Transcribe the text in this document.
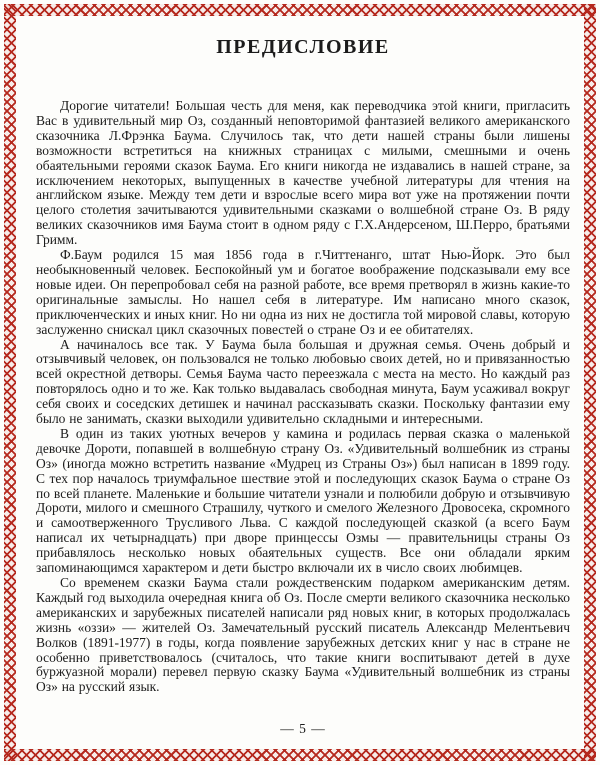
ПРЕДИСЛОВИЕ

Дорогие читатели! Большая честь для меня, как переводчика этой книги, пригласить Вас в удивительный мир Оз, созданный неповторимой фантазией великого американского сказочника Л.Фрэнка Баума. Случилось так, что дети нашей страны были лишены возможности встретиться на книжных страницах с милыми, смешными и очень обаятельными героями сказок Баума. Его книги никогда не издавались в нашей стране, за исключением некоторых, выпущенных в качестве учебной литературы для чтения на английском языке. Между тем дети и взрослые всего мира вот уже на протяжении почти целого столетия зачитываются удивительными сказками о волшебной стране Оз. В ряду великих сказочников имя Баума стоит в одном ряду с Г.Х.Андерсеном, Ш.Перро, братьями Гримм.

Ф.Баум родился 15 мая 1856 года в г.Читтенанго, штат Нью-Йорк. Это был необыкновенный человек. Беспокойный ум и богатое воображение подсказывали ему все новые идеи. Он перепробовал себя на разной работе, все время претворял в жизнь какие-то оригинальные замыслы. Но нашел себя в литературе. Им написано много сказок, приключенческих и иных книг. Но ни одна из них не достигла той мировой славы, которую заслуженно снискал цикл сказочных повестей о стране Оз и ее обитателях.

А начиналось все так. У Баума была большая и дружная семья. Очень добрый и отзывчивый человек, он пользовался не только любовью своих детей, но и привязанностью всей окрестной детворы. Семья Баума часто переезжала с места на место. Но каждый раз повторялось одно и то же. Как только выдавалась свободная минута, Баум усаживал вокруг себя своих и соседских детишек и начинал рассказывать сказки. Поскольку фантазии ему было не занимать, сказки выходили удивительно складными и интересными.

В один из таких уютных вечеров у камина и родилась первая сказка о маленькой девочке Дороти, попавшей в волшебную страну Оз. «Удивительный волшебник из страны Оз» (иногда можно встретить название «Мудрец из Страны Оз») был написан в 1899 году. С тех пор началось триумфальное шествие этой и последующих сказок Баума о стране Оз по всей планете. Маленькие и большие читатели узнали и полюбили добрую и отзывчивую Дороти, милого и смешного Страшилу, чуткого и смелого Железного Дровосека, скромного и самоотверженного Трусливого Льва. С каждой последующей сказкой (а всего Баум написал их четырнадцать) при дворе принцессы Озмы — правительницы страны Оз прибавлялось несколько новых обаятельных существ. Все они обладали ярким запоминающимся характером и дети быстро включали их в число своих любимцев.

Со временем сказки Баума стали рождественским подарком американским детям. Каждый год выходила очередная книга об Оз. После смерти великого сказочника несколько американских и зарубежных писателей написали ряд новых книг, в которых продолжалась жизнь «оззи» — жителей Оз. Замечательный русский писатель Александр Мелентьевич Волков (1891-1977) в годы, когда появление зарубежных детских книг у нас в стране не особенно приветствовалось (считалось, что такие книги воспитывают детей в духе буржуазной морали) перевел первую сказку Баума «Удивительный волшебник из страны Оз» на русский язык.

— 5 —
